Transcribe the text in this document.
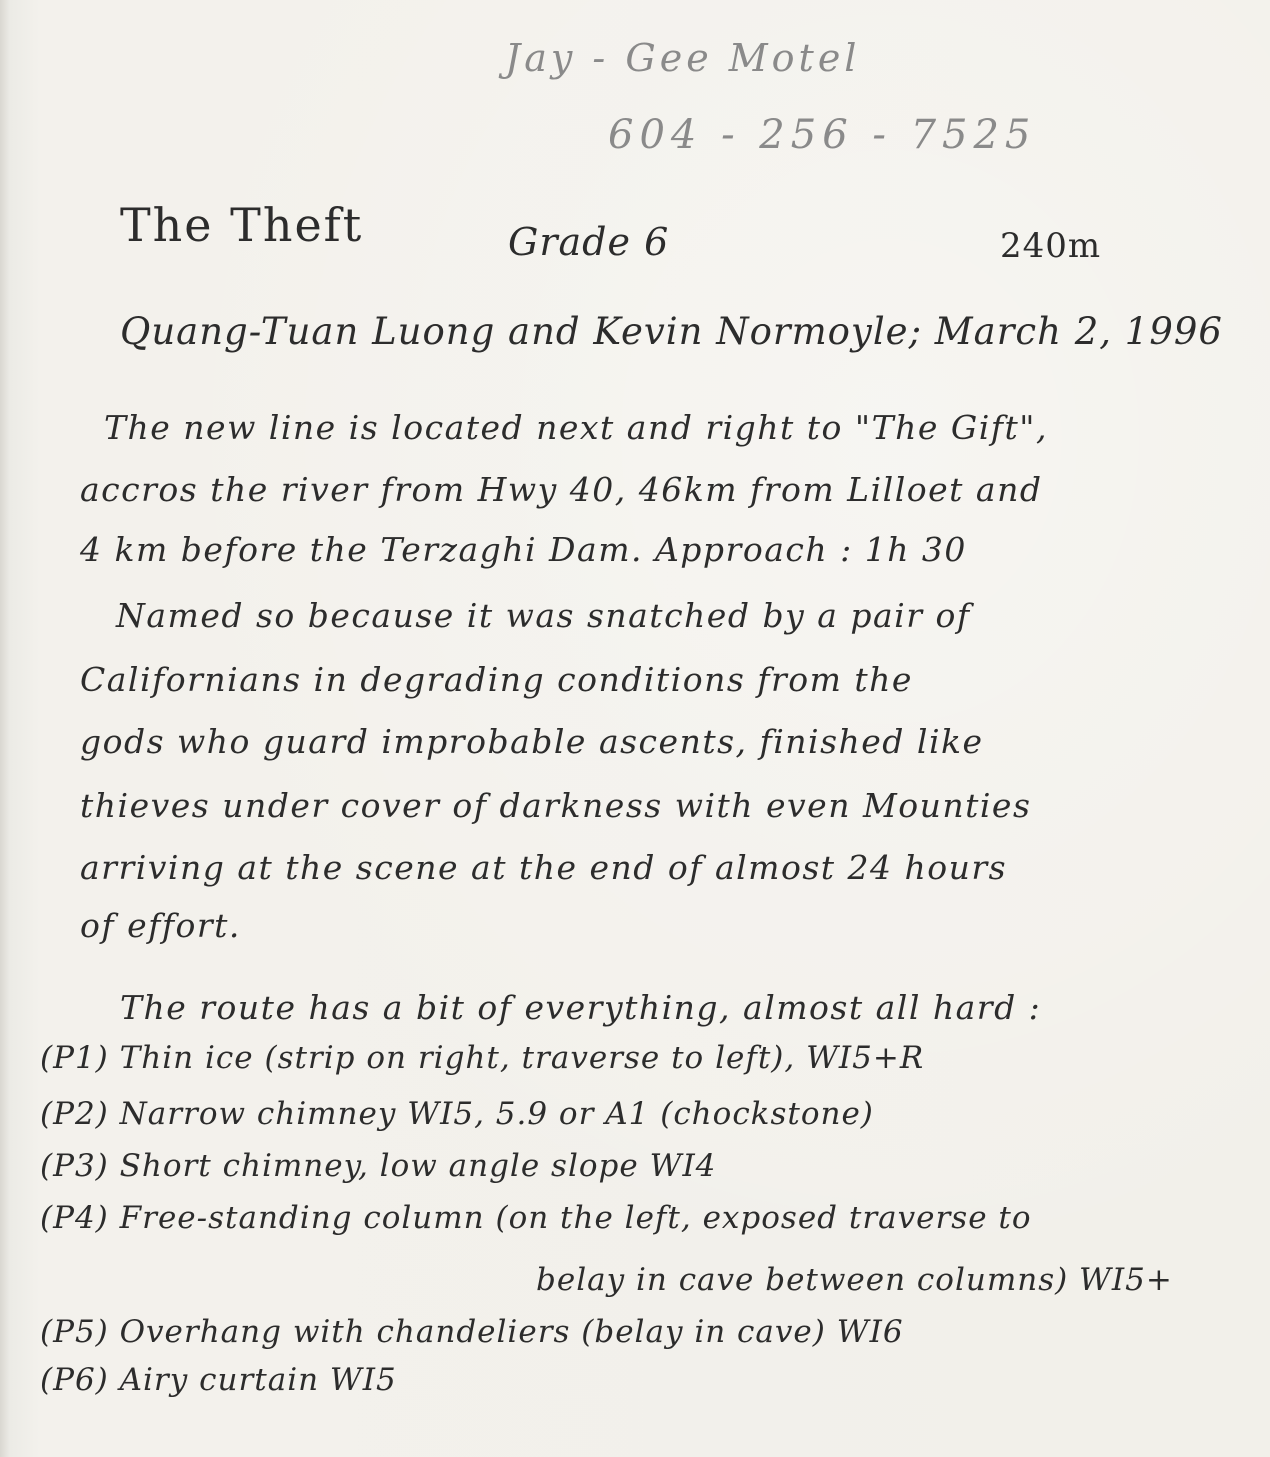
Jay - Gee Motel
604 - 256 - 7525
The Theft	Grade 6	240m
Quang-Tuan Luong and Kevin Normoyle; March 2, 1996
The new line is located next and right to "The Gift",
accros the river from Hwy 40, 46km from Lilloet and
4 km before the Terzaghi Dam. Approach : 1h 30
Named so because it was snatched by a pair of
Californians in degrading conditions from the
gods who guard improbable ascents, finished like
thieves under cover of darkness with even Mounties
arriving at the scene at the end of almost 24 hours
of effort.
The route has a bit of everything, almost all hard :
(P1) Thin ice (strip on right, traverse to left), WI5+R
(P2) Narrow chimney WI5, 5.9 or A1 (chockstone)
(P3) Short chimney, low angle slope WI4
(P4) Free-standing column (on the left, exposed traverse to
belay in cave between columns) WI5+
(P5) Overhang with chandeliers (belay in cave) WI6
(P6) Airy curtain WI5
